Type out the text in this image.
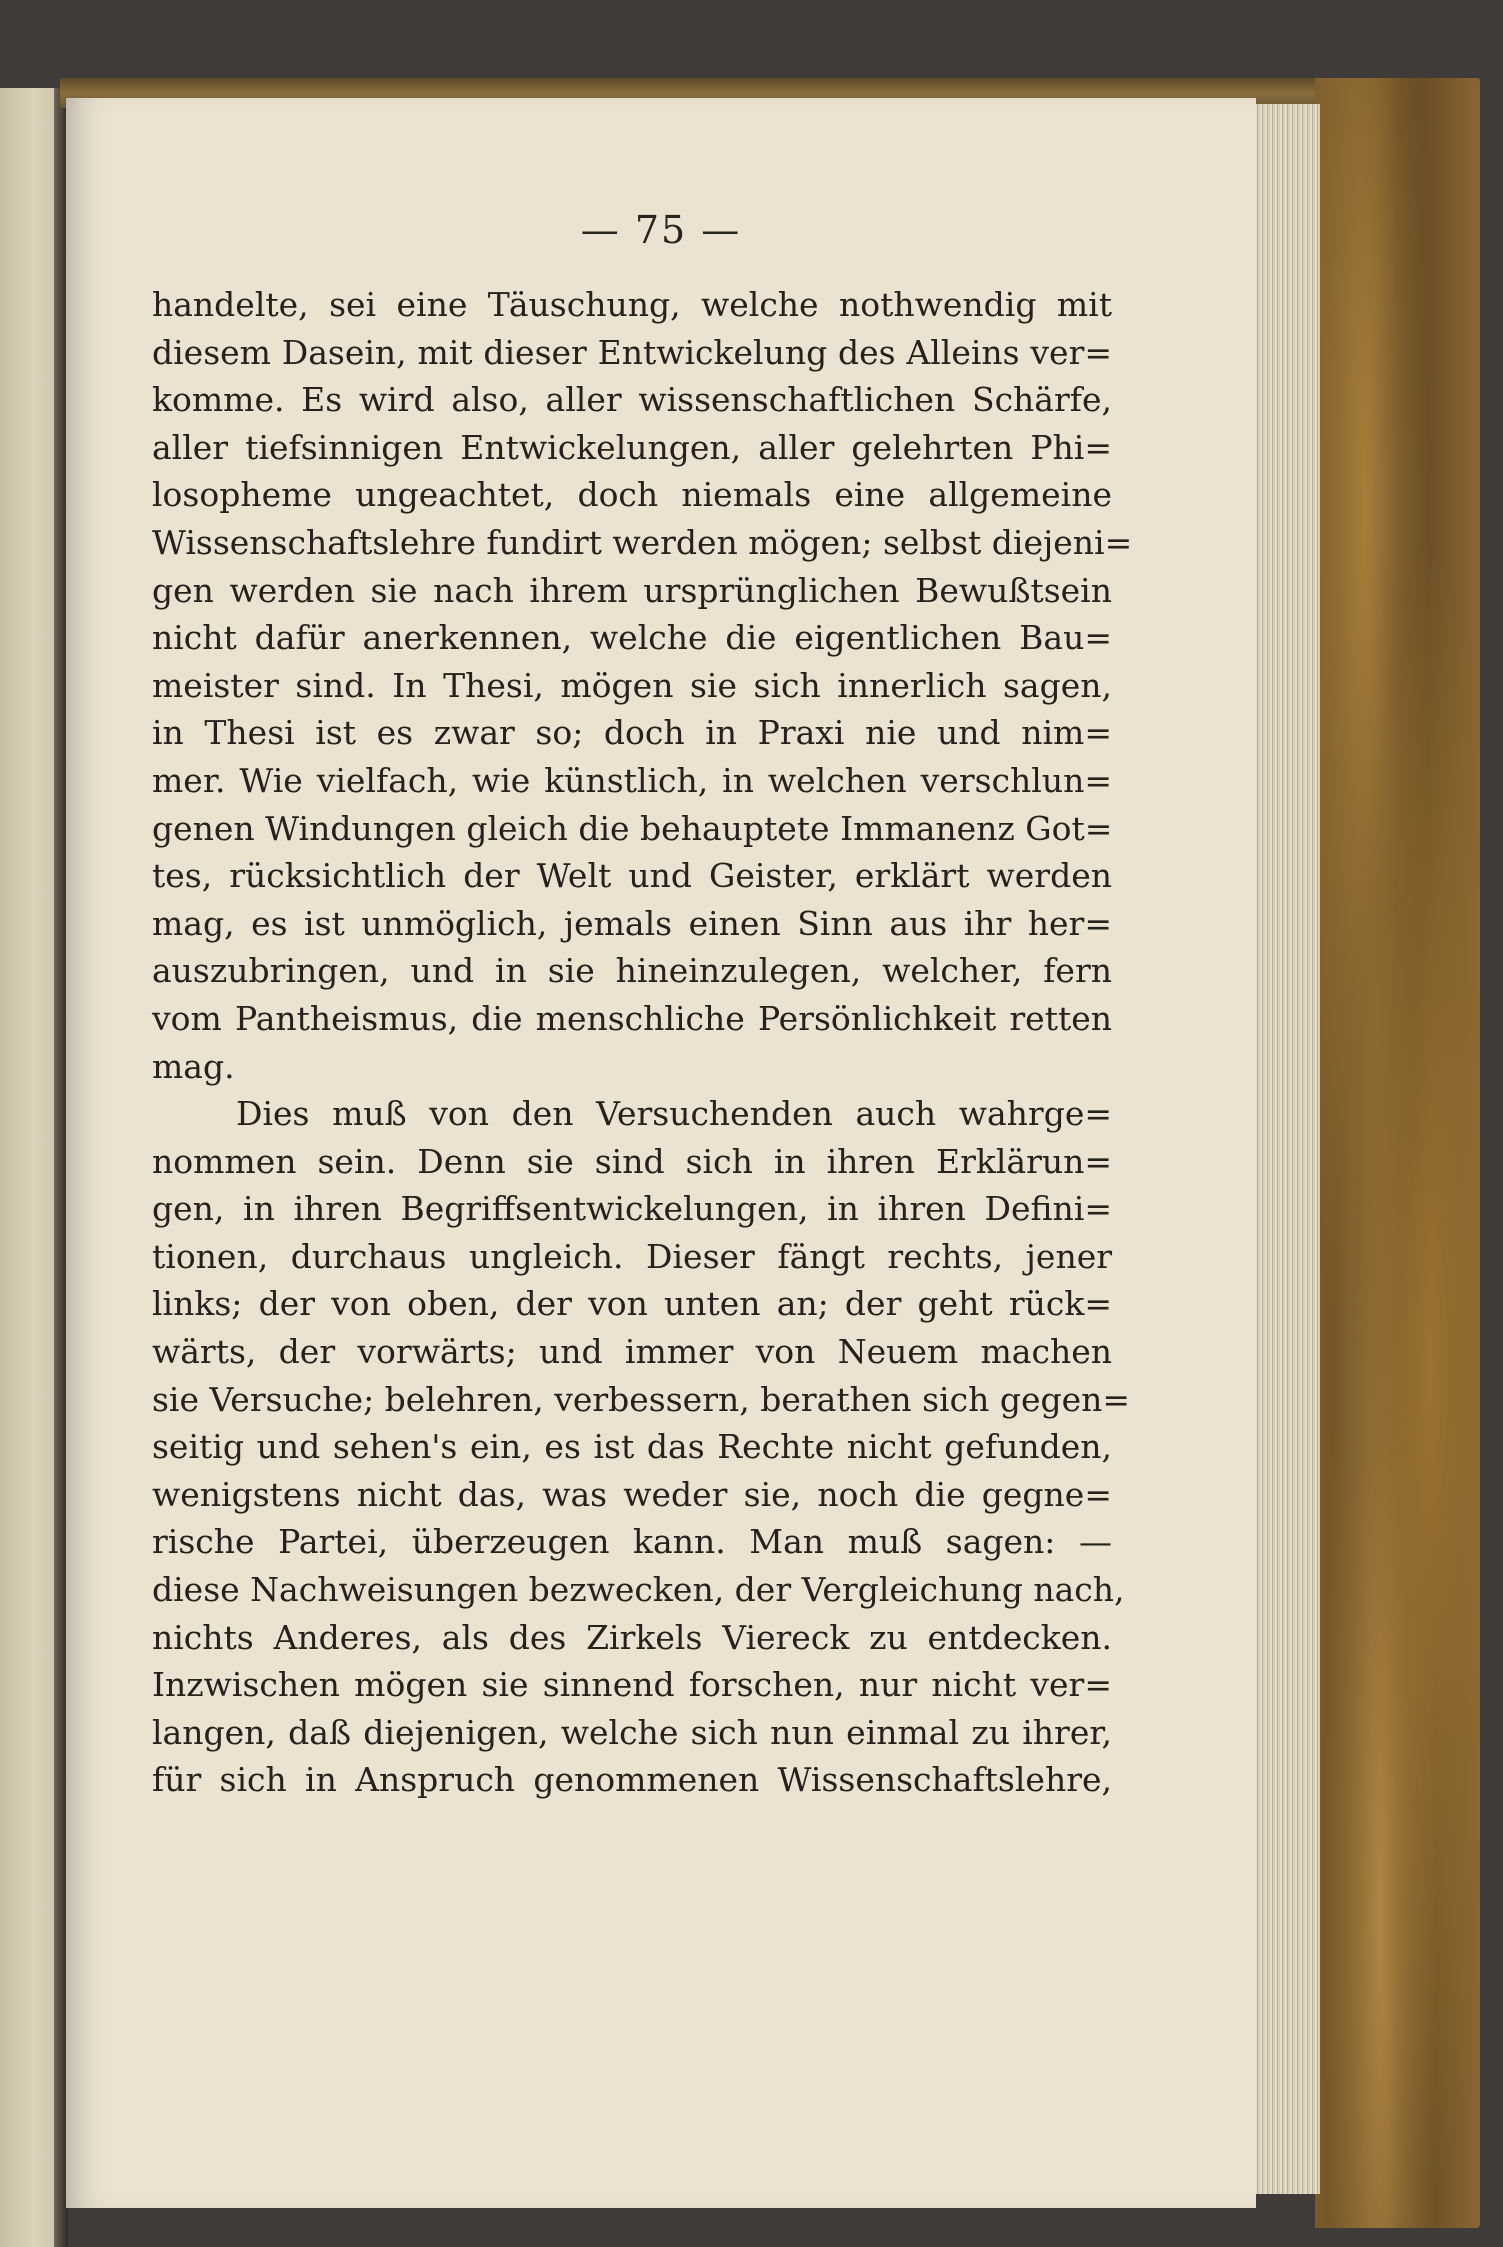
— 75 —
handelte, sei eine Täuschung, welche nothwendig mit
diesem Dasein, mit dieser Entwickelung des Alleins ver=
komme. Es wird also, aller wissenschaftlichen Schärfe,
aller tiefsinnigen Entwickelungen, aller gelehrten Phi=
losopheme ungeachtet, doch niemals eine allgemeine
Wissenschaftslehre fundirt werden mögen; selbst diejeni=
gen werden sie nach ihrem ursprünglichen Bewußtsein
nicht dafür anerkennen, welche die eigentlichen Bau=
meister sind. In Thesi, mögen sie sich innerlich sagen,
in Thesi ist es zwar so; doch in Praxi nie und nim=
mer. Wie vielfach, wie künstlich, in welchen verschlun=
genen Windungen gleich die behauptete Immanenz Got=
tes, rücksichtlich der Welt und Geister, erklärt werden
mag, es ist unmöglich, jemals einen Sinn aus ihr her=
auszubringen, und in sie hineinzulegen, welcher, fern
vom Pantheismus, die menschliche Persönlichkeit retten
mag.
Dies muß von den Versuchenden auch wahrge=
nommen sein. Denn sie sind sich in ihren Erklärun=
gen, in ihren Begriffsentwickelungen, in ihren Defini=
tionen, durchaus ungleich. Dieser fängt rechts, jener
links; der von oben, der von unten an; der geht rück=
wärts, der vorwärts; und immer von Neuem machen
sie Versuche; belehren, verbessern, berathen sich gegen=
seitig und sehen's ein, es ist das Rechte nicht gefunden,
wenigstens nicht das, was weder sie, noch die gegne=
rische Partei, überzeugen kann. Man muß sagen: —
diese Nachweisungen bezwecken, der Vergleichung nach,
nichts Anderes, als des Zirkels Viereck zu entdecken.
Inzwischen mögen sie sinnend forschen, nur nicht ver=
langen, daß diejenigen, welche sich nun einmal zu ihrer,
für sich in Anspruch genommenen Wissenschaftslehre,
